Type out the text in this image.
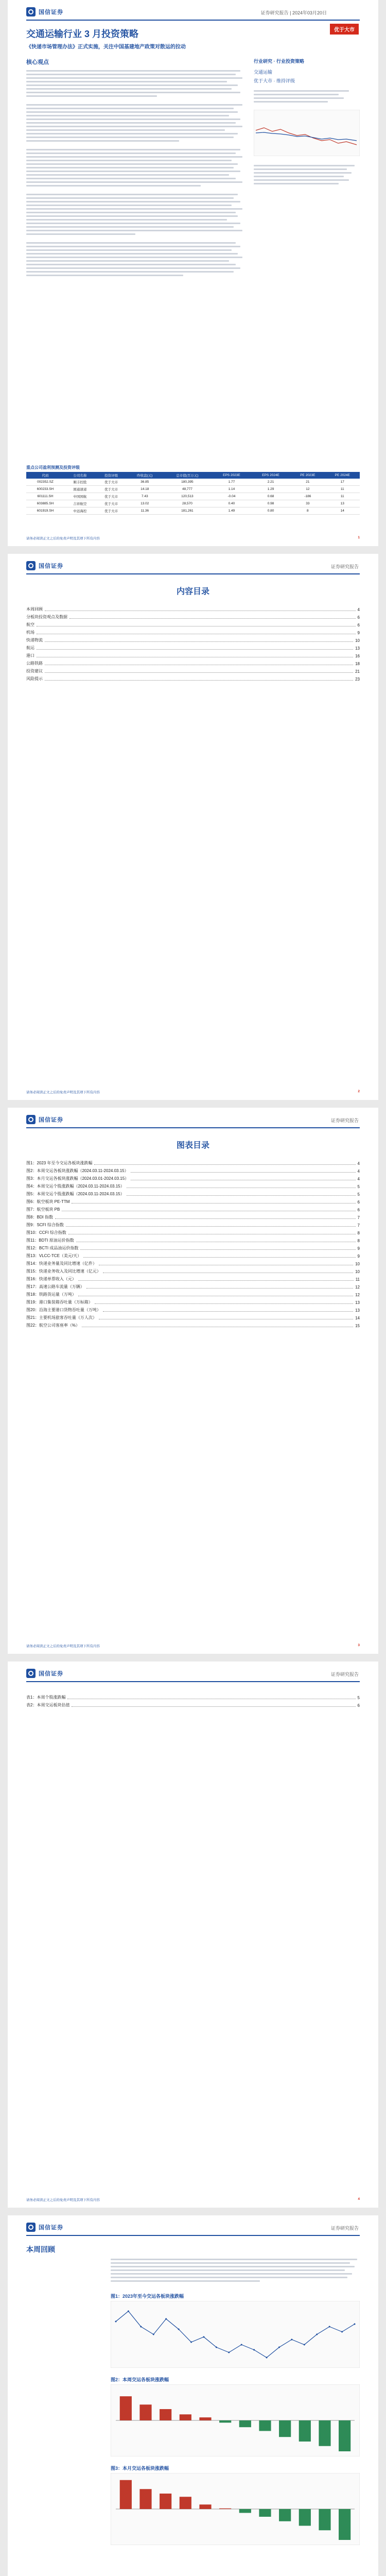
国信证券	证券研究报告 | 2024年03月20日
优于大市
交通运输行业 3 月投资策略
《快递市场管理办法》正式实施，关注中国基建地产政策对散运的拉动
核心观点	行业研究 · 行业投资策略
交通运输
优于大市 · 维持评级
重点公司盈利预测及投资评级
代码	公司名称	投资评级	昨收盘(元)	总市值(百万元)	EPS 2023E	EPS 2024E	PE 2023E	PE 2024E
002352.SZ	顺丰控股	优于大市	36.85	180,395	1.77	2.21	21	17
600233.SH	圆通速递	优于大市	14.18	48,777	1.14	1.29	12	11
601111.SH	中国国航	优于大市	7.43	120,513	-0.04	0.68	-186	11
603885.SH	吉祥航空	优于大市	13.02	28,570	0.40	0.98	33	13
601919.SH	中远海控	优于大市	11.36	181,261	1.49	0.80	8	14
请务必阅读正文之后的免责声明及其项下所有内容	1
国信证券	证券研究报告
内容目录
本周回顾	4
分板块投资观点及数据	6
航空	6
机场	9
快递物流	10
航运	13
港口	16
公路铁路	18
投资建议	21
风险提示	23
请务必阅读正文之后的免责声明及其项下所有内容	2
国信证券	证券研究报告
图表目录
图1：2023 年至今交运各板块涨跌幅	4
图2：本周交运各板块涨跌幅（2024.03.11-2024.03.15）	4
图3：本月交运各板块涨跌幅（2024.03.01-2024.03.15）	4
图4：本周交运个股涨跌幅（2024.03.11-2024.03.15）	5
图5：本周交运个股涨跌幅（2024.03.11-2024.03.15）	5
图6：航空板块 PE-TTM	6
图7：航空板块 PB	6
图8：BDI 指数	7
图9：SCFI 综合指数	7
图10：CCFI 综合指数	8
图11：BDTI 原油运价指数	8
图12：BCTI 成品油运价指数	9
图13：VLCC-TCE（美元/天）	9
图14：快递业务量及同比增速（亿件）	10
图15：快递业务收入及同比增速（亿元）	10
图16：快递单票收入（元）	11
图17：高速公路车流量（万辆）	12
图18：铁路货运量（万吨）	12
图19：港口集装箱吞吐量（万标箱）	13
图20：沿海主要港口货物吞吐量（万吨）	13
图21：主要机场旅客吞吐量（万人次）	14
图22：航空公司客座率（%）	15
请务必阅读正文之后的免责声明及其项下所有内容	3
国信证券	证券研究报告
表1：本周个股涨跌幅	5
表2：本周交运板块估值	6
请务必阅读正文之后的免责声明及其项下所有内容	4
国信证券	证券研究报告
本周回顾
图1：2023年至今交运各板块涨跌幅
图2：本周交运各板块涨跌幅
图3：本月交运各板块涨跌幅
